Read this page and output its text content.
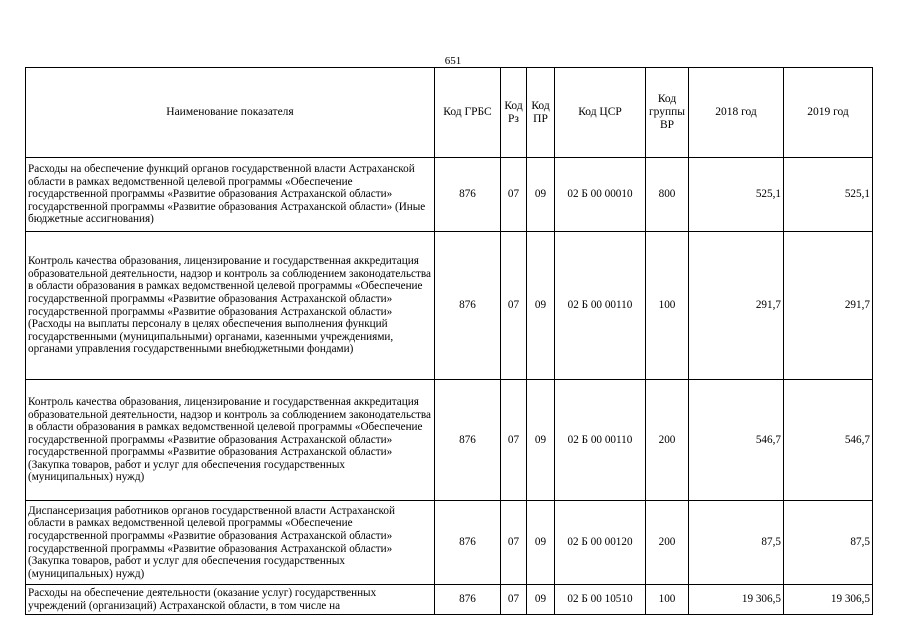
651
Наименование показателя	Код ГРБС	Код Рз	Код ПР	Код ЦСР	Код группы ВР	2018 год	2019 год
Расходы на обеспечение функций органов государственной власти Астраханской области в рамках ведомственной целевой программы «Обеспечение государственной программы «Развитие образования Астраханской области» государственной программы «Развитие образования Астраханской области» (Иные бюджетные ассигнования)	876	07	09	02 Б 00 00010	800	525,1	525,1
Контроль качества образования, лицензирование и государственная аккредитация образовательной деятельности, надзор и контроль за соблюдением законодательства в области образования в рамках ведомственной целевой программы «Обеспечение государственной программы «Развитие образования Астраханской области» государственной программы «Развитие образования Астраханской области» (Расходы на выплаты персоналу в целях обеспечения выполнения функций государственными (муниципальными) органами, казенными учреждениями, органами управления государственными внебюджетными фондами)	876	07	09	02 Б 00 00110	100	291,7	291,7
Контроль качества образования, лицензирование и государственная аккредитация образовательной деятельности, надзор и контроль за соблюдением законодательства в области образования в рамках ведомственной целевой программы «Обеспечение государственной программы «Развитие образования Астраханской области» государственной программы «Развитие образования Астраханской области» (Закупка товаров, работ и услуг для обеспечения государственных (муниципальных) нужд)	876	07	09	02 Б 00 00110	200	546,7	546,7
Диспансеризация работников органов государственной власти Астраханской области в рамках ведомственной целевой программы «Обеспечение государственной программы «Развитие образования Астраханской области» государственной программы «Развитие образования Астраханской области» (Закупка товаров, работ и услуг для обеспечения государственных (муниципальных) нужд)	876	07	09	02 Б 00 00120	200	87,5	87,5

Расходы на обеспечение деятельности (оказание услуг) государственных учреждений (организаций) Астраханской области, в том числе на	876	07	09	02 Б 00 10510	100	19 306,5	19 306,5
